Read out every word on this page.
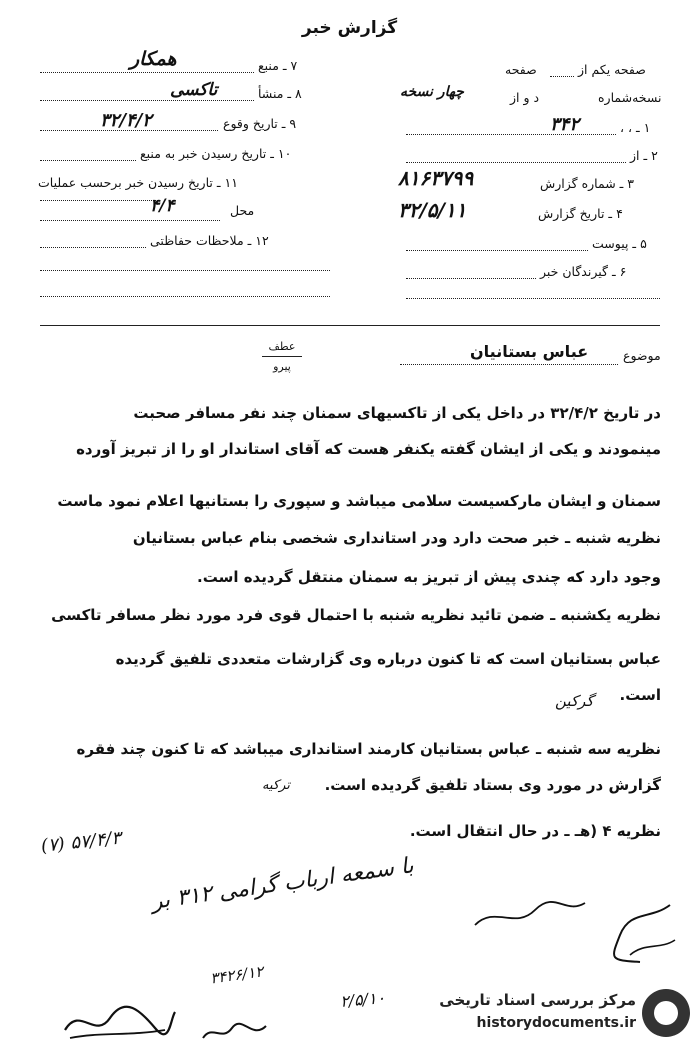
گزارش خبر
۷ ـ منبع
همکار
۸ ـ منشأ
تاکسی
۹ ـ تاریخ وقوع
۳۲/۴/۲
۱۰ ـ تاریخ رسیدن خبر به منبع
۱۱ ـ تاریخ رسیدن خبر برحسب عملیات
محل
۴/۴
۱۲ ـ ملاحظات حفاظتی
صفحه یکم از
صفحه
نسخه‌شماره
د و از
چهار نسخه
۱ ـ ، ،
۳۴۲
۲ ـ از
۳ ـ شماره گزارش
۸۱۶۳۷۹۹
۴ ـ تاریخ گزارش
۳۲/۵/۱۱
۵ ـ پیوست
۶ ـ گیرندگان خبر
عطف
پیرو
موضوع
عباس بستانیان
در تاریخ ۳۲/۴/۲ در داخل یکی از تاکسیهای سمنان چند نفر مسافر صحبت
مینمودند و یکی از ایشان گفته یکنفر هست که آقای استاندار او را از تبریز آورده
سمنان و ایشان مارکسیست سلامی میباشد و سپوری را بستانیها اعلام نمود ماست
نظریه شنبه ـ خبر صحت دارد ودر استانداری شخصی بنام عباس بستانیان
وجود دارد که چندی پیش از تبریز به سمنان منتقل گردیده است.
نظریه یکشنبه ـ ضمن تائید نظریه شنبه با احتمال قوی فرد مورد نظر مسافر تاکسی
عباس بستانیان است که تا کنون درباره وی گزارشات متعددی تلفیق گردیده
است.
نظریه سه شنبه ـ عباس بستانیان کارمند استانداری میباشد که تا کنون چند فقره
گزارش در مورد وی بستاد تلفیق گردیده است.
نظریه ۴ (هـ ـ در حال انتقال است.
گرکین
ترکیه
۵۷/۴/۳ (۷)
با سمعه ارباب گرامی ۳۱۲ بر
۳۴۲۶/۱۲
۲/۵/۱۰	مرکز بررسی اسناد تاریخی
historydocuments.ir
